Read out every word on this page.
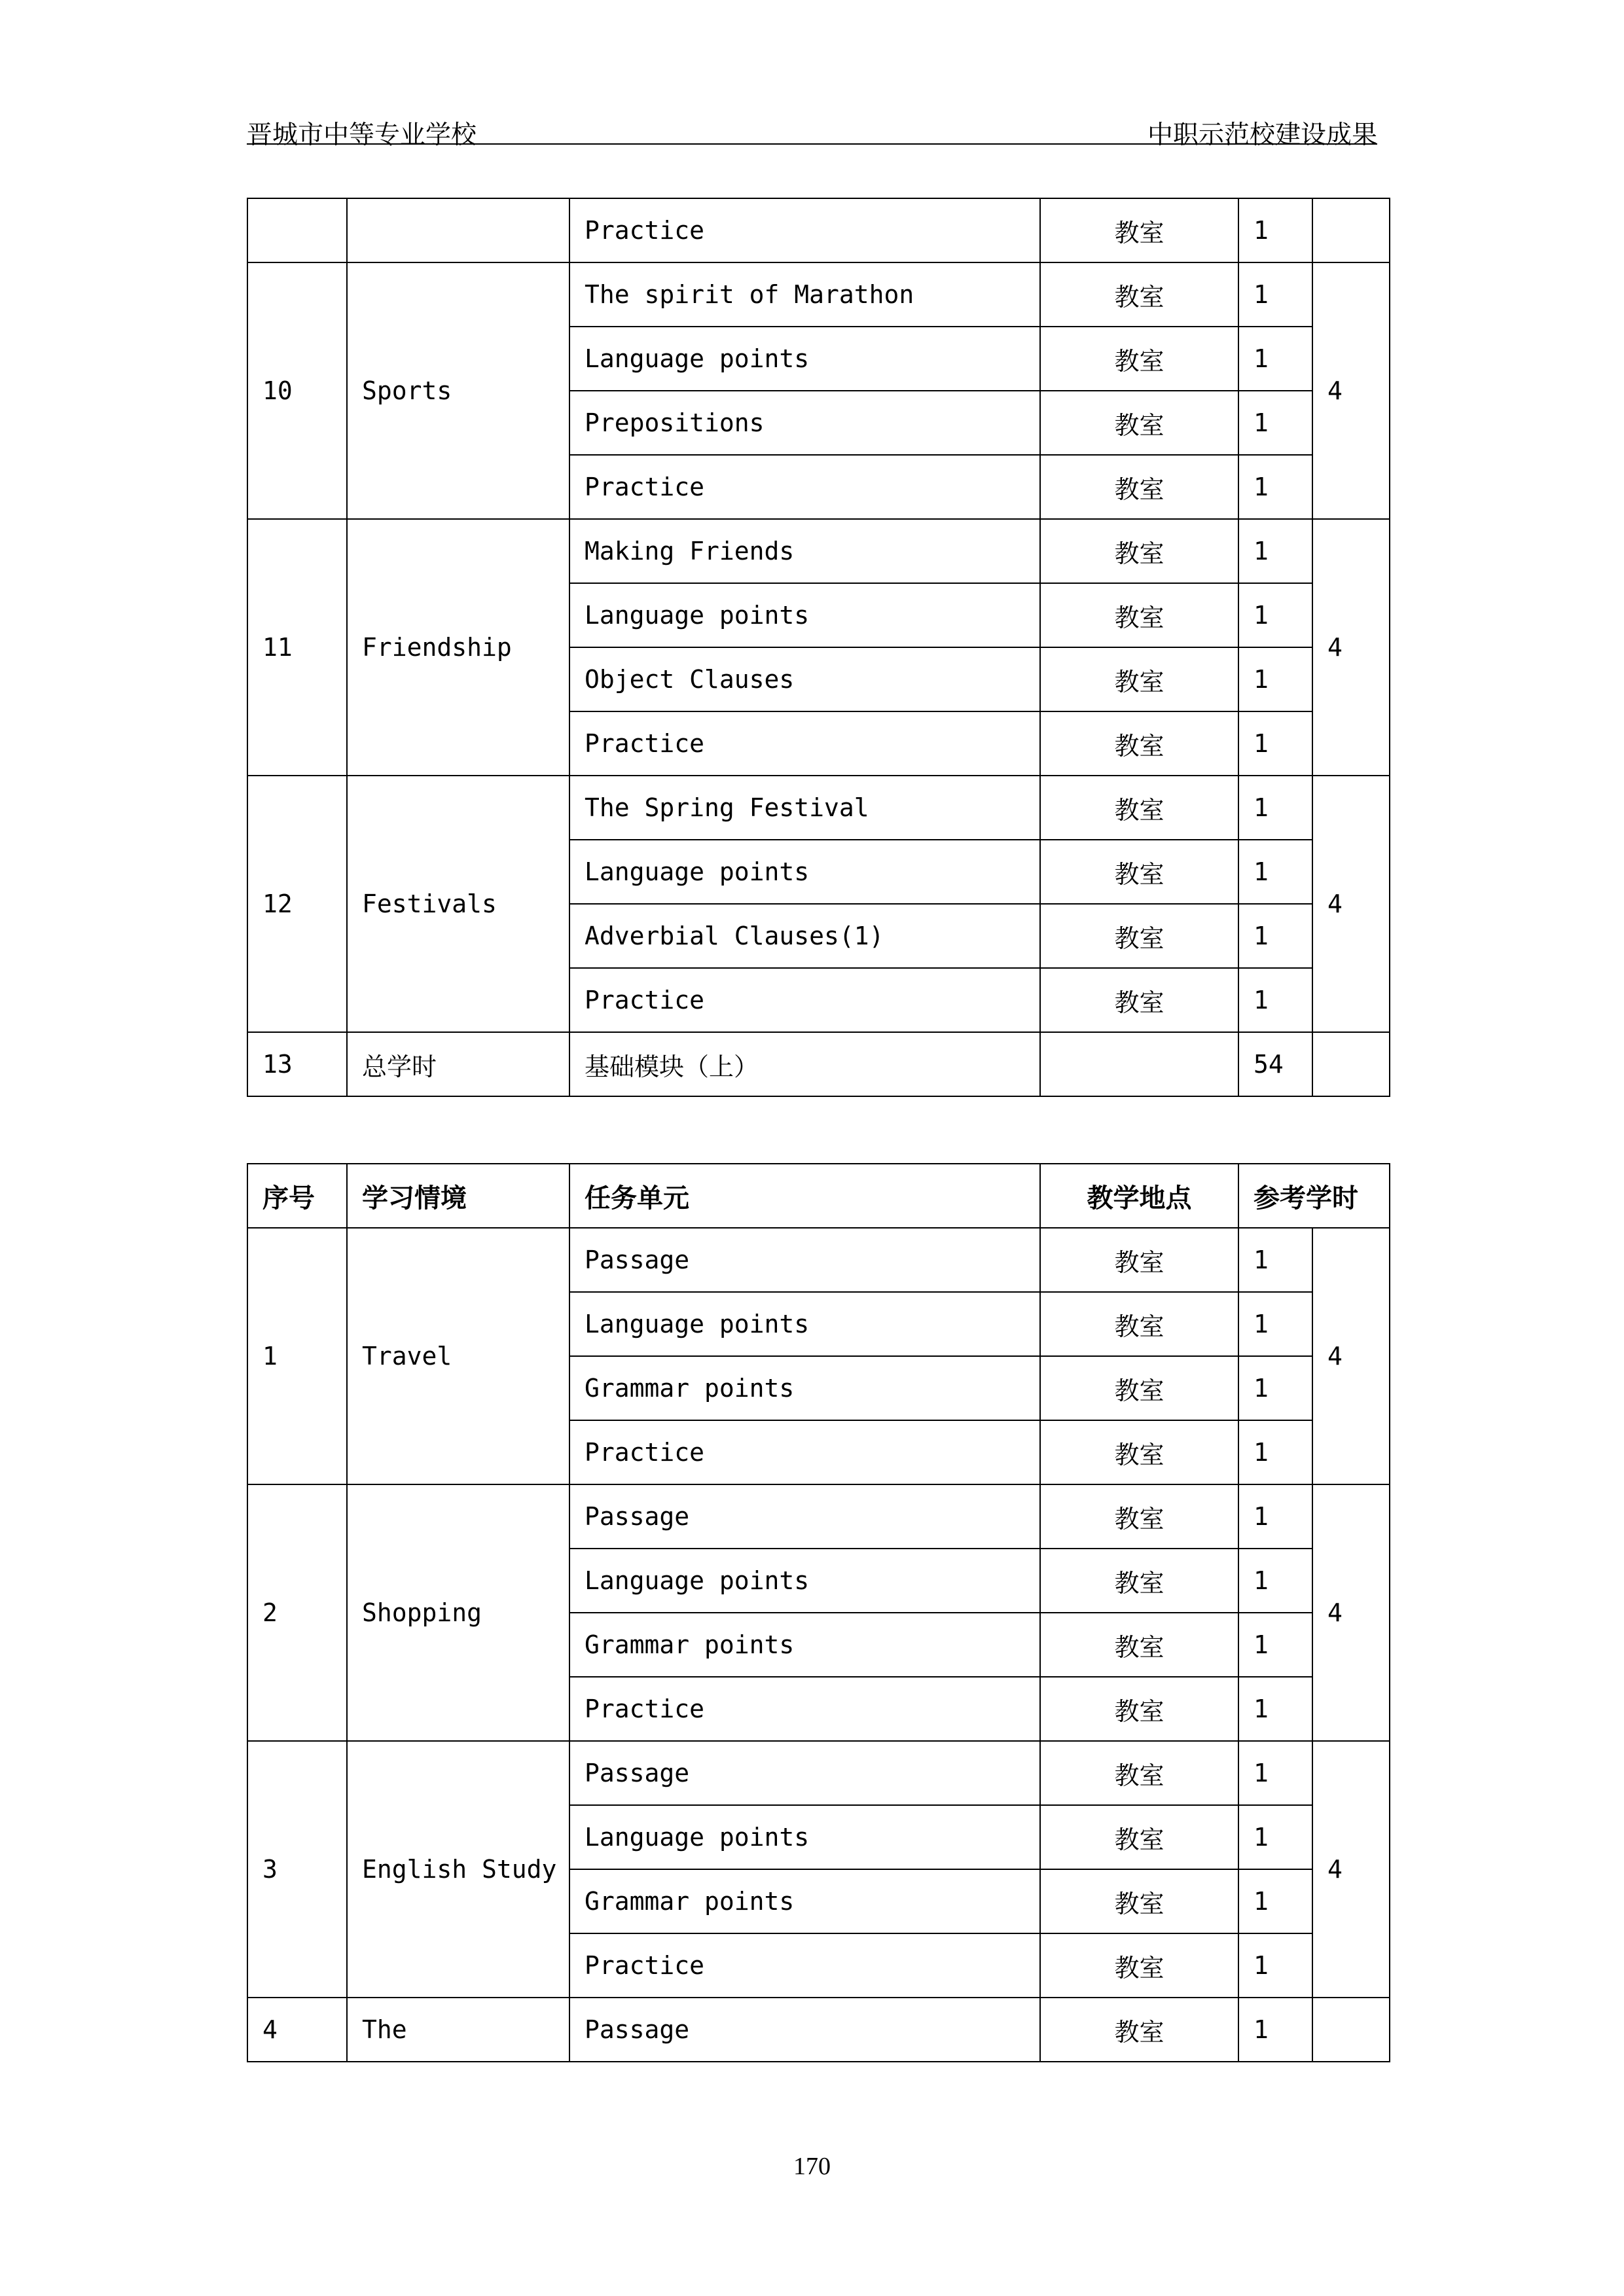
晋城市中等专业学校	中职示范校建设成果
		Practice	教室	1	
10	Sports	The spirit of Marathon	教室	1	4
		Language points	教室	1	
		Prepositions	教室	1	
		Practice	教室	1	
11	Friendship	Making Friends	教室	1	4
		Language points	教室	1	
		Object Clauses	教室	1	
		Practice	教室	1	
12	Festivals	The Spring Festival	教室	1	4
		Language points	教室	1	
		Adverbial Clauses(1)	教室	1	
		Practice	教室	1	
13	总学时	基础模块（上）		54	
序号	学习情境	任务单元	教学地点	参考学时	
1	Travel	Passage	教室	1	4
		Language points	教室	1	
		Grammar points	教室	1	
		Practice	教室	1	
2	Shopping	Passage	教室	1	4
		Language points	教室	1	
		Grammar points	教室	1	
		Practice	教室	1	
3	English Study	Passage	教室	1	4
		Language points	教室	1	
		Grammar points	教室	1	
		Practice	教室	1	
4	The	Passage	教室	1	
170
